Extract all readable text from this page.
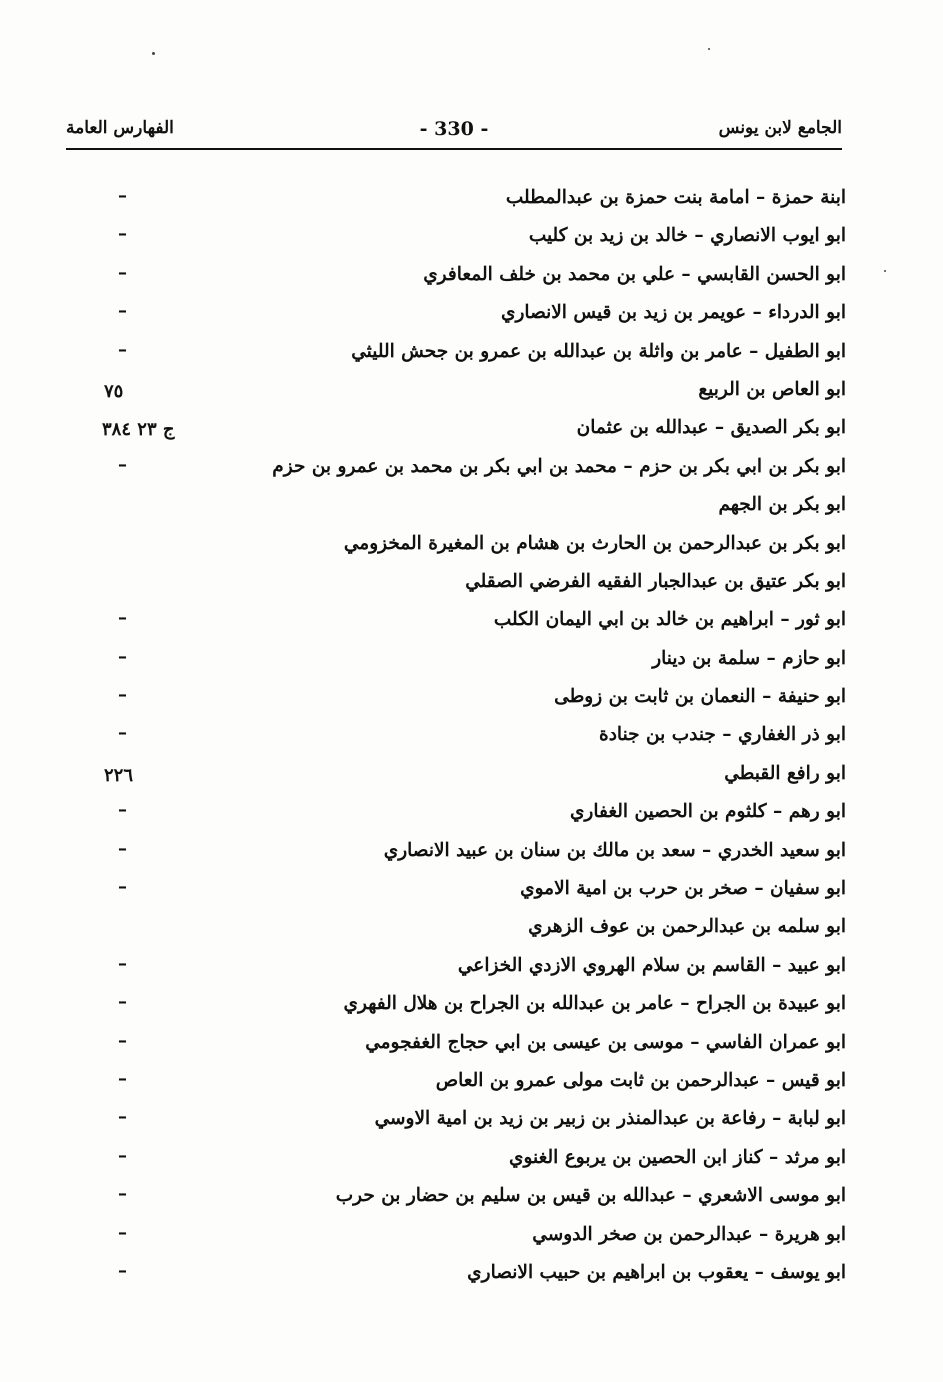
الجامع لابن يونس
- 330 -
الفهارس العامة
ابنة حمزة – امامة بنت حمزة بن عبدالمطلب
–
ابو ايوب الانصاري – خالد بن زيد بن كليب
–
ابو الحسن القابسي – علي بن محمد بن خلف المعافري
–
ابو الدرداء – عويمر بن زيد بن قيس الانصاري
–
ابو الطفيل – عامر بن واثلة بن عبدالله بن عمرو بن جحش الليثي
–
ابو العاص بن الربيع
٧٥
ابو بكر الصديق – عبدالله بن عثمان
ج ٢٣ ٣٨٤
ابو بكر بن ابي بكر بن حزم – محمد بن ابي بكر بن محمد بن عمرو بن حزم
–
ابو بكر بن الجهم
ابو بكر بن عبدالرحمن بن الحارث بن هشام بن المغيرة المخزومي
ابو بكر عتيق بن عبدالجبار الفقيه الفرضي الصقلي
ابو ثور – ابراهيم بن خالد بن ابي اليمان الكلب
–
ابو حازم – سلمة بن دينار
–
ابو حنيفة – النعمان بن ثابت بن زوطى
–
ابو ذر الغفاري – جندب بن جنادة
–
ابو رافع القبطي
٢٢٦
ابو رهم – كلثوم بن الحصين الغفاري
–
ابو سعيد الخدري – سعد بن مالك بن سنان بن عبيد الانصاري
–
ابو سفيان – صخر بن حرب بن امية الاموي
–
ابو سلمه بن عبدالرحمن بن عوف الزهري
ابو عبيد – القاسم بن سلام الهروي الازدي الخزاعي
–
ابو عبيدة بن الجراح – عامر بن عبدالله بن الجراح بن هلال الفهري
–
ابو عمران الفاسي – موسى بن عيسى بن ابي حجاج الغفجومي
–
ابو قيس – عبدالرحمن بن ثابت مولى عمرو بن العاص
–
ابو لبابة – رفاعة بن عبدالمنذر بن زبير بن زيد بن امية الاوسي
–
ابو مرثد – كناز ابن الحصين بن يربوع الغنوي
–
ابو موسى الاشعري – عبدالله بن قيس بن سليم بن حضار بن حرب
–
ابو هريرة – عبدالرحمن بن صخر الدوسي
–
ابو يوسف – يعقوب بن ابراهيم بن حبيب الانصاري
–
